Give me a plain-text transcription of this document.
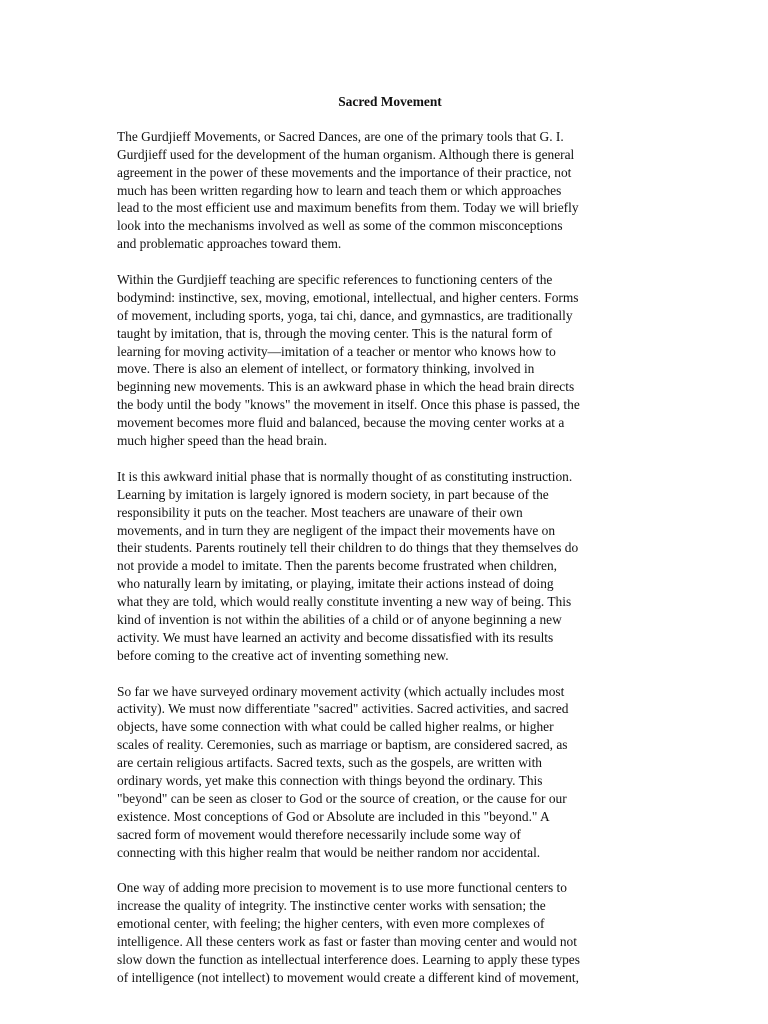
Sacred Movement
The Gurdjieff Movements, or Sacred Dances, are one of the primary tools that G. I.
Gurdjieff used for the development of the human organism. Although there is general
agreement in the power of these movements and the importance of their practice, not
much has been written regarding how to learn and teach them or which approaches
lead to the most efficient use and maximum benefits from them. Today we will briefly
look into the mechanisms involved as well as some of the common misconceptions
and problematic approaches toward them.
Within the Gurdjieff teaching are specific references to functioning centers of the
bodymind: instinctive, sex, moving, emotional, intellectual, and higher centers. Forms
of movement, including sports, yoga, tai chi, dance, and gymnastics, are traditionally
taught by imitation, that is, through the moving center. This is the natural form of
learning for moving activity—imitation of a teacher or mentor who knows how to
move. There is also an element of intellect, or formatory thinking, involved in
beginning new movements. This is an awkward phase in which the head brain directs
the body until the body "knows" the movement in itself. Once this phase is passed, the
movement becomes more fluid and balanced, because the moving center works at a
much higher speed than the head brain.
It is this awkward initial phase that is normally thought of as constituting instruction.
Learning by imitation is largely ignored is modern society, in part because of the
responsibility it puts on the teacher. Most teachers are unaware of their own
movements, and in turn they are negligent of the impact their movements have on
their students. Parents routinely tell their children to do things that they themselves do
not provide a model to imitate. Then the parents become frustrated when children,
who naturally learn by imitating, or playing, imitate their actions instead of doing
what they are told, which would really constitute inventing a new way of being. This
kind of invention is not within the abilities of a child or of anyone beginning a new
activity. We must have learned an activity and become dissatisfied with its results
before coming to the creative act of inventing something new.
So far we have surveyed ordinary movement activity (which actually includes most
activity). We must now differentiate "sacred" activities. Sacred activities, and sacred
objects, have some connection with what could be called higher realms, or higher
scales of reality. Ceremonies, such as marriage or baptism, are considered sacred, as
are certain religious artifacts. Sacred texts, such as the gospels, are written with
ordinary words, yet make this connection with things beyond the ordinary. This
"beyond" can be seen as closer to God or the source of creation, or the cause for our
existence. Most conceptions of God or Absolute are included in this "beyond." A
sacred form of movement would therefore necessarily include some way of
connecting with this higher realm that would be neither random nor accidental.
One way of adding more precision to movement is to use more functional centers to
increase the quality of integrity. The instinctive center works with sensation; the
emotional center, with feeling; the higher centers, with even more complexes of
intelligence. All these centers work as fast or faster than moving center and would not
slow down the function as intellectual interference does. Learning to apply these types
of intelligence (not intellect) to movement would create a different kind of movement,
